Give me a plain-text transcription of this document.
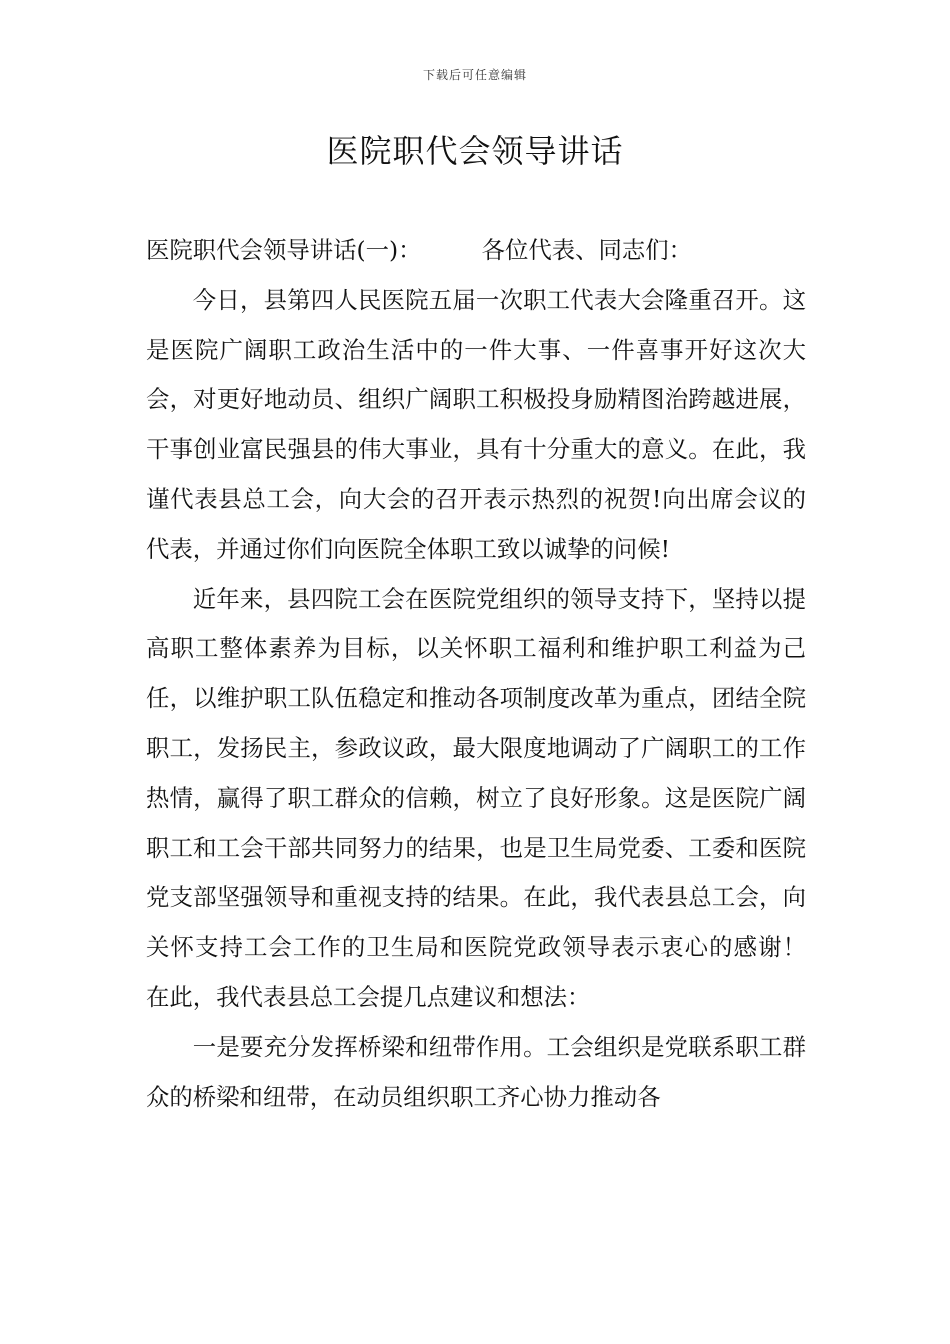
下载后可任意编辑
医院职代会领导讲话

医院职代会领导讲话(一)：	各位代表、同志们：

今日，县第四人民医院五届一次职工代表大会隆重召开。这是医院广阔职工政治生活中的一件大事、一件喜事开好这次大会，对更好地动员、组织广阔职工积极投身励精图治跨越进展，干事创业富民强县的伟大事业，具有十分重大的意义。在此，我谨代表县总工会，向大会的召开表示热烈的祝贺!向出席会议的代表，并通过你们向医院全体职工致以诚挚的问候!

近年来，县四院工会在医院党组织的领导支持下，坚持以提高职工整体素养为目标，以关怀职工福利和维护职工利益为己任，以维护职工队伍稳定和推动各项制度改革为重点，团结全院职工，发扬民主，参政议政，最大限度地调动了广阔职工的工作热情，赢得了职工群众的信赖，树立了良好形象。这是医院广阔职工和工会干部共同努力的结果，也是卫生局党委、工委和医院党支部坚强领导和重视支持的结果。在此，我代表县总工会，向关怀支持工会工作的卫生局和医院党政领导表示衷心的感谢！ 在此，我代表县总工会提几点建议和想法：

一是要充分发挥桥梁和纽带作用。工会组织是党联系职工群众的桥梁和纽带，在动员组织职工齐心协力推动各
